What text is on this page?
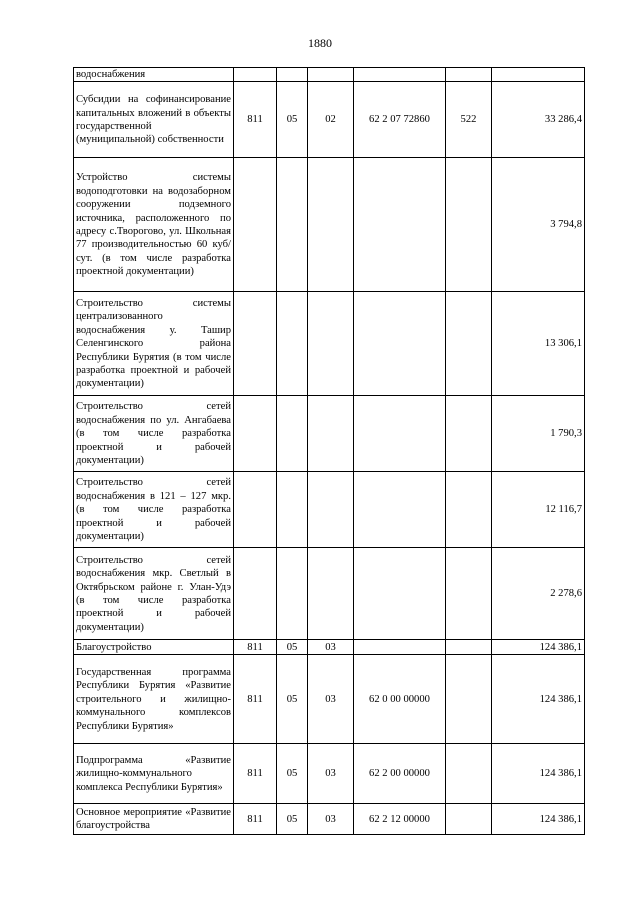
1880
водоснабжения						
Субсидии на софинансирование капитальных вложений в объекты государственной (муниципальной) собственности	811	05	02	62 2 07 72860	522	33 286,4
Устройство системы водоподготовки на водозаборном сооружении подземного источника, расположенного по адресу с.Творогово, ул. Школьная 77 производительностью 60 куб/сут. (в том числе разработка проектной документации)						3 794,8
Строительство системы централизованного водоснабжения у. Ташир Селенгинского района Республики Бурятия (в том числе разработка проектной и рабочей документации)						13 306,1
Строительство сетей водоснабжения по ул. Ангабаева (в том числе разработка проектной и рабочей документации)						1 790,3
Строительство сетей водоснабжения в 121 – 127 мкр. (в том числе разработка проектной и рабочей документации)						12 116,7
Строительство сетей водоснабжения мкр. Светлый в Октябрьском районе г. Улан-Удэ (в том числе разработка проектной и рабочей документации)						2 278,6
Благоустройство	811	05	03			124 386,1
Государственная программа Республики Бурятия «Развитие строительного и жилищно-коммунального комплексов Республики Бурятия»	811	05	03	62 0 00 00000		124 386,1
Подпрограмма «Развитие жилищно-коммунального комплекса Республики Бурятия»	811	05	03	62 2 00 00000		124 386,1
Основное мероприятие «Развитие благоустройства	811	05	03	62 2 12 00000		124 386,1
